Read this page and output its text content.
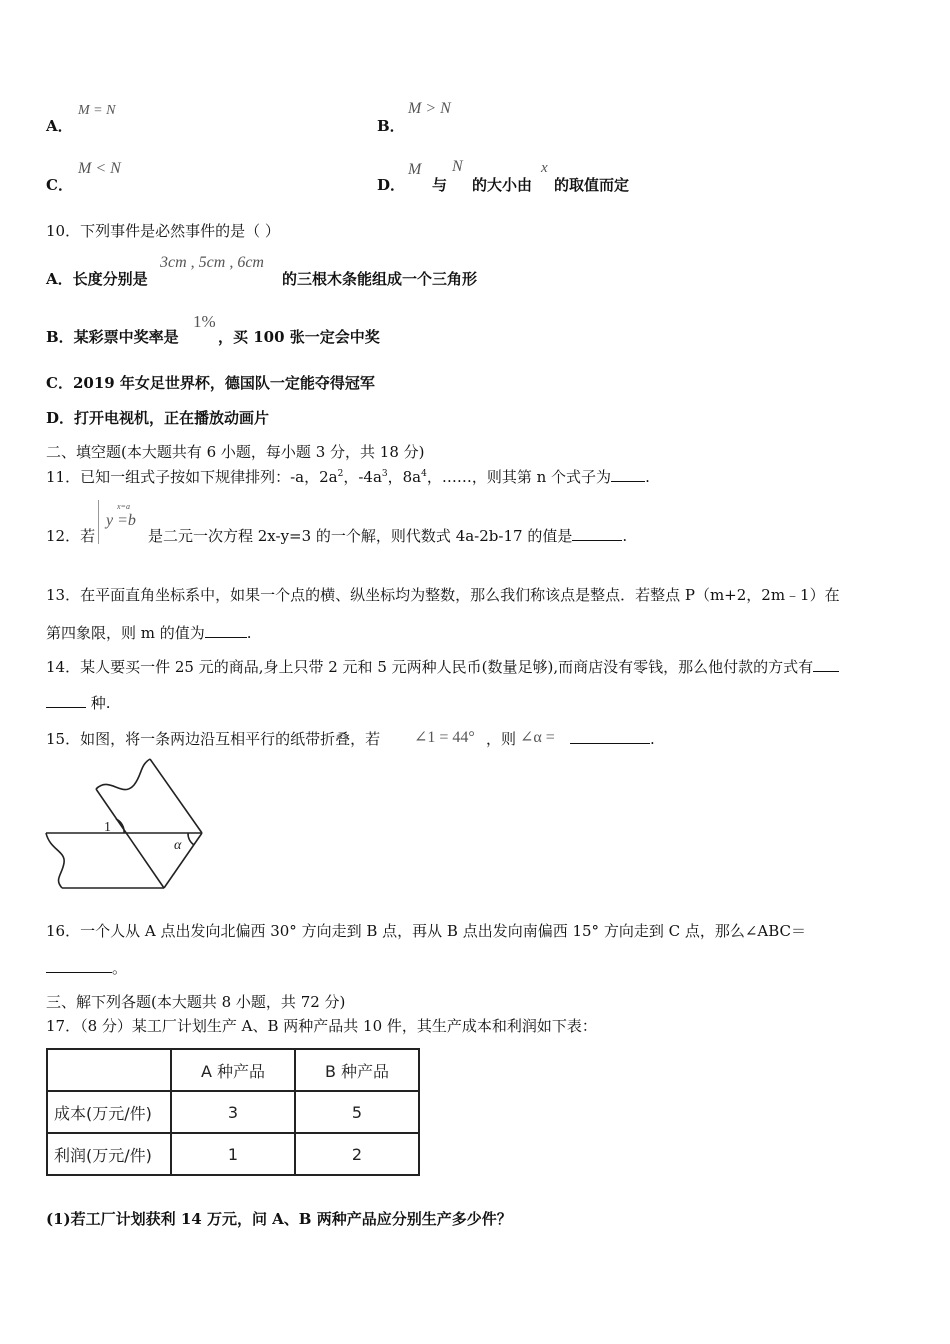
A．
M = N
B．
M > N
C．
M < N
D．
M
与
N
的大小由
x
的取值而定
10．下列事件是必然事件的是（ ）
A．长度分别是
3cm , 5cm , 6cm
的三根木条能组成一个三角形
B．某彩票中奖率是
1%
，买 100 张一定会中奖
C．2019 年女足世界杯，德国队一定能夺得冠军
D．打开电视机，正在播放动画片
二、填空题(本大题共有 6 小题，每小题 3 分，共 18 分)
11．已知一组式子按如下规律排列：-a，$2a^2$，$-4a^3$，$8a^4$，……，则其第 n 个式子为 .
12．若
x=a
y =b
是二元一次方程 2x-y=3 的一个解，则代数式 4a-2b-17 的值是	.
13．在平面直角坐标系中，如果一个点的横、纵坐标均为整数，那么我们称该点是整点．若整点 P（m+2，2m﹣1）在
第四象限，则 m 的值为	.
14．某人要买一件 25 元的商品,身上只带 2 元和 5 元两种人民币(数量足够),而商店没有零钱，那么他付款的方式有
种.
15．如图，将一条两边沿互相平行的纸带折叠，若 ∠1 = 44° ，则 ∠α =	.
1
α
16．一个人从 A 点出发向北偏西 30° 方向走到 B 点，再从 B 点出发向南偏西 15° 方向走到 C 点，那么∠ABC＝
。
三、解下列各题(本大题共 8 小题，共 72 分)
17．（8 分）某工厂计划生产 A、B 两种产品共 10 件，其生产成本和利润如下表：
	A 种产品	B 种产品
成本(万元/件)	3	5
利润(万元/件)	1	2
(1)若工厂计划获利 14 万元，问 A、B 两种产品应分别生产多少件？
